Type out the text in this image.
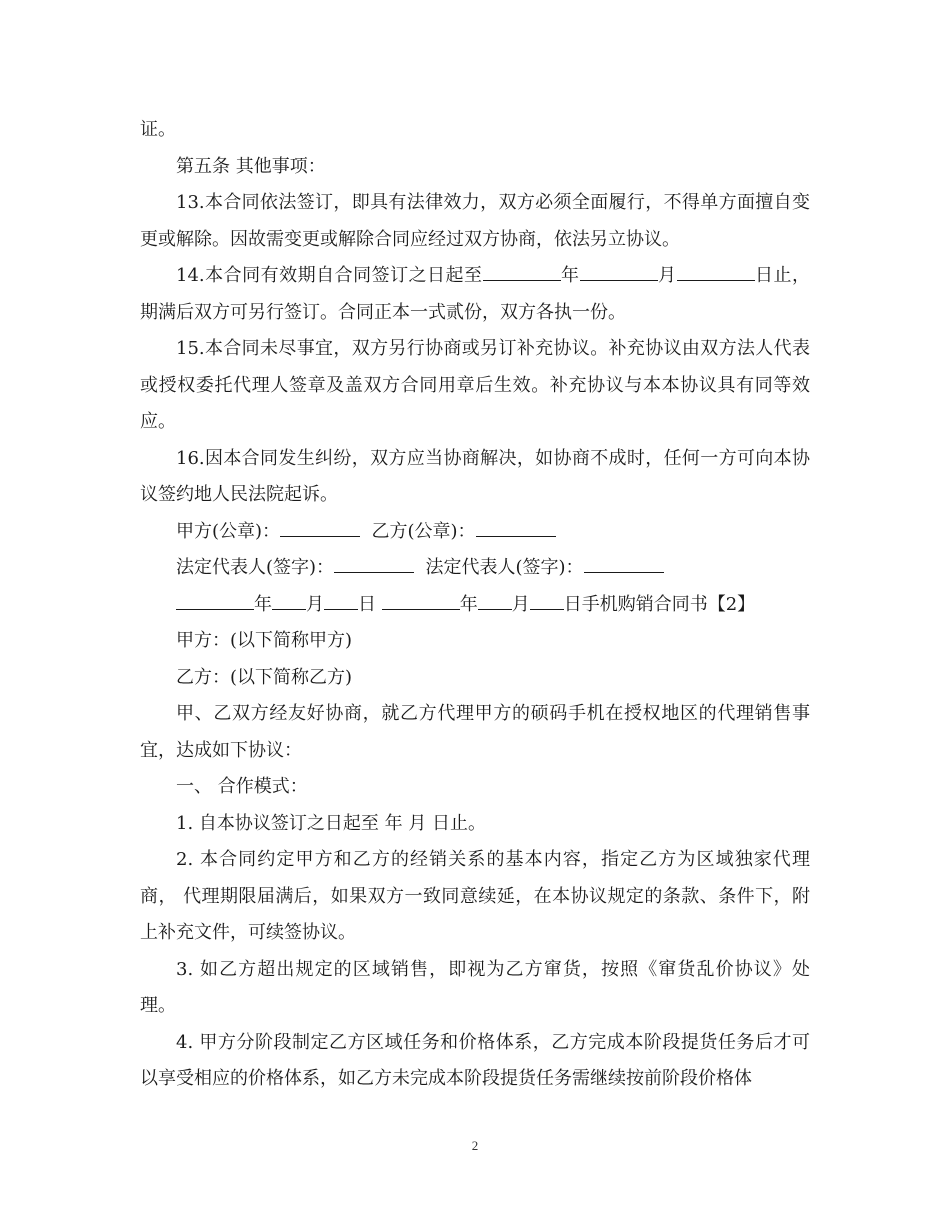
证。

第五条 其他事项：

13.本合同依法签订，即具有法律效力，双方必须全面履行，不得单方面擅自变更或解除。因故需变更或解除合同应经过双方协商，依法另立协议。

14.本合同有效期自合同签订之日起至	年	月	日止，期满后双方可另行签订。合同正本一式贰份，双方各执一份。

15.本合同未尽事宜，双方另行协商或另订补充协议。补充协议由双方法人代表或授权委托代理人签章及盖双方合同用章后生效。补充协议与本本协议具有同等效应。

16.因本合同发生纠纷，双方应当协商解决，如协商不成时，任何一方可向本协议签约地人民法院起诉。

甲方(公章)：	乙方(公章)：

法定代表人(签字)：	法定代表人(签字)：

年 月 日	年 月 日手机购销合同书【2】

甲方：(以下简称甲方)

乙方：(以下简称乙方)

甲、乙双方经友好协商，就乙方代理甲方的硕码手机在授权地区的代理销售事宜，达成如下协议：

一、 合作模式：

1. 自本协议签订之日起至 年 月 日止。

2. 本合同约定甲方和乙方的经销关系的基本内容，指定乙方为区域独家代理商， 代理期限届满后，如果双方一致同意续延，在本协议规定的条款、条件下，附上补充文件，可续签协议。

3. 如乙方超出规定的区域销售，即视为乙方窜货，按照《窜货乱价协议》处理。

4. 甲方分阶段制定乙方区域任务和价格体系，乙方完成本阶段提货任务后才可以享受相应的价格体系，如乙方未完成本阶段提货任务需继续按前阶段价格体

2
